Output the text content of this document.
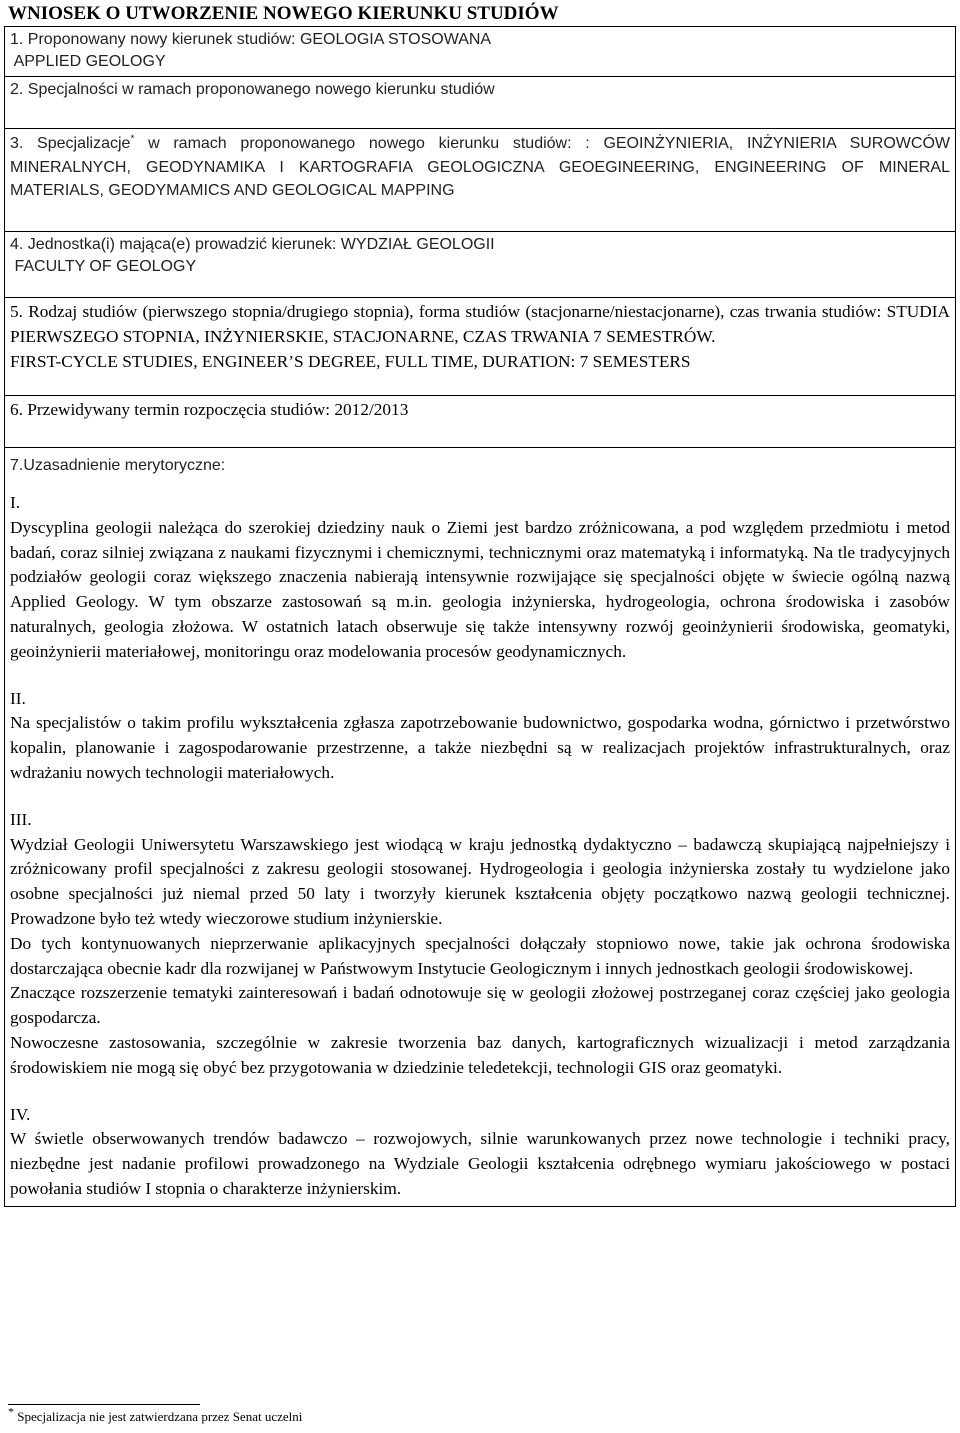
WNIOSEK O UTWORZENIE NOWEGO KIERUNKU STUDIÓW
1. Proponowany nowy kierunek studiów: GEOLOGIA STOSOWANA
APPLIED GEOLOGY
2. Specjalności w ramach proponowanego nowego kierunku studiów
3. Specjalizacje* w ramach proponowanego nowego kierunku studiów: : GEOINŻYNIERIA, INŻYNIERIA SUROWCÓW MINERALNYCH, GEODYNAMIKA I KARTOGRAFIA GEOLOGICZNA GEOEGINEERING, ENGINEERING OF MINERAL MATERIALS, GEODYMAMICS AND GEOLOGICAL MAPPING
4. Jednostka(i) mająca(e) prowadzić kierunek: WYDZIAŁ GEOLOGII
FACULTY OF GEOLOGY
5. Rodzaj studiów (pierwszego stopnia/drugiego stopnia), forma studiów (stacjonarne/niestacjonarne), czas trwania studiów: STUDIA PIERWSZEGO STOPNIA, INŻYNIERSKIE, STACJONARNE, CZAS TRWANIA 7 SEMESTRÓW.
FIRST-CYCLE STUDIES, ENGINEER’S DEGREE, FULL TIME, DURATION: 7 SEMESTERS
6. Przewidywany termin rozpoczęcia studiów: 2012/2013
7.Uzasadnienie merytoryczne:
I.
Dyscyplina geologii należąca do szerokiej dziedziny nauk o Ziemi jest bardzo zróżnicowana, a pod względem przedmiotu i metod badań, coraz silniej związana z naukami fizycznymi i chemicznymi, technicznymi oraz matematyką i informatyką. Na tle tradycyjnych podziałów geologii coraz większego znaczenia nabierają intensywnie rozwijające się specjalności objęte w świecie ogólną nazwą Applied Geology. W tym obszarze zastosowań są m.in. geologia inżynierska, hydrogeologia, ochrona środowiska i zasobów naturalnych, geologia złożowa. W ostatnich latach obserwuje się także intensywny rozwój geoinżynierii środowiska, geomatyki, geoinżynierii materiałowej, monitoringu oraz modelowania procesów geodynamicznych.
II.
Na specjalistów o takim profilu wykształcenia zgłasza zapotrzebowanie budownictwo, gospodarka wodna, górnictwo i przetwórstwo kopalin, planowanie i zagospodarowanie przestrzenne, a także niezbędni są w realizacjach projektów infrastrukturalnych, oraz wdrażaniu nowych technologii materiałowych.
III.
Wydział Geologii Uniwersytetu Warszawskiego jest wiodącą w kraju jednostką dydaktyczno – badawczą skupiającą najpełniejszy i zróżnicowany profil specjalności z zakresu geologii stosowanej. Hydrogeologia i geologia inżynierska zostały tu wydzielone jako osobne specjalności już niemal przed 50 laty i tworzyły kierunek kształcenia objęty początkowo nazwą geologii technicznej. Prowadzone było też wtedy wieczorowe studium inżynierskie.
Do tych kontynuowanych nieprzerwanie aplikacyjnych specjalności dołączały stopniowo nowe, takie jak ochrona środowiska dostarczająca obecnie kadr dla rozwijanej w Państwowym Instytucie Geologicznym i innych jednostkach geologii środowiskowej.
Znaczące rozszerzenie tematyki zainteresowań i badań odnotowuje się w geologii złożowej postrzeganej coraz częściej jako geologia gospodarcza.
Nowoczesne zastosowania, szczególnie w zakresie tworzenia baz danych, kartograficznych wizualizacji i metod zarządzania środowiskiem nie mogą się obyć bez przygotowania w dziedzinie teledetekcji, technologii GIS oraz geomatyki.
IV.
W świetle obserwowanych trendów badawczo – rozwojowych, silnie warunkowanych przez nowe technologie i techniki pracy, niezbędne jest nadanie profilowi prowadzonego na Wydziale Geologii kształcenia odrębnego wymiaru jakościowego w postaci powołania studiów I stopnia o charakterze inżynierskim.
* Specjalizacja nie jest zatwierdzana przez Senat uczelni
